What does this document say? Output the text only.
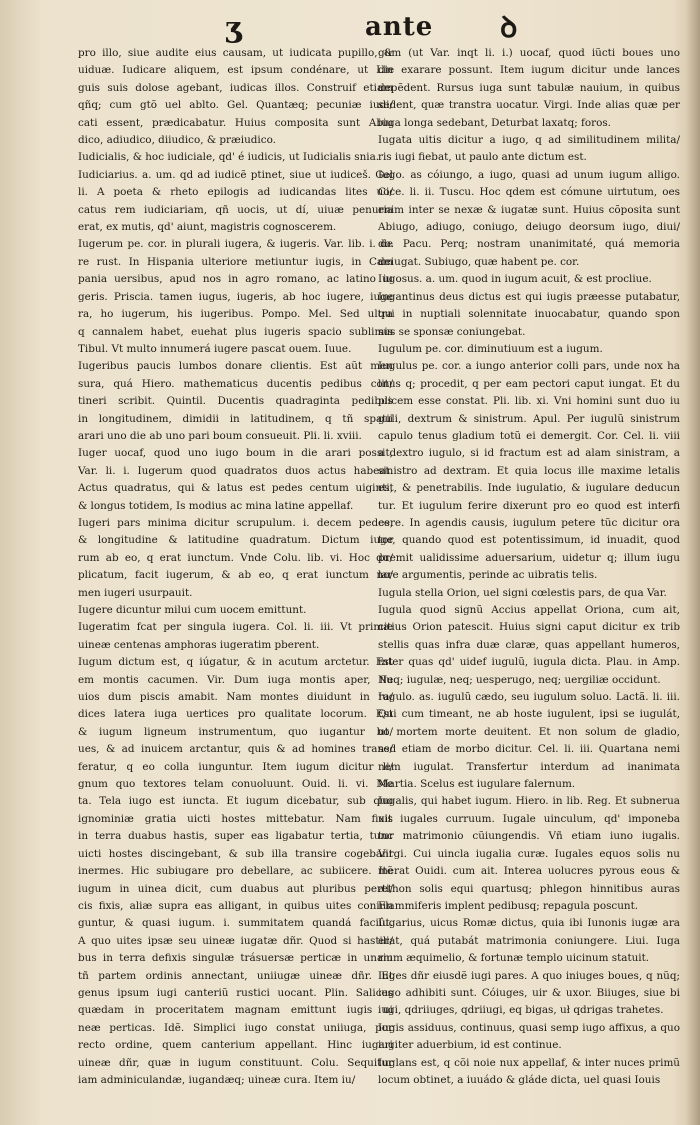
ʒ	ante ꝺ
pro illo, siue audite eius causam, ut iudicata pupillo, &
uiduæ. Iudicare aliquem, est ipsum condénare, ut Lin
guis suis dolose agebant, iudicas illos. Construif etiam
qñq; cum gtõ uel ablto. Gel. Quantæq; pecuniæ iudi/
cati essent, prædicabatur. Huius composita sunt Abiu
dico, adiudico, diiudico, & præiudico.
Iudicialis, & hoc iudiciale, qd' é iudicis, ut Iudicialis snia.
Iudiciarius. a. um. qd ad iudicẽ ptinet, siue ut iudiceš. Gel
li. A poeta & rheto epilogis ad iudicandas lites uo/
catus rem iudiciariam, qñ uocis, ut dí, uiuæ penuria
erat, ex mutis, qd' aiunt, magistris cognoscerem.
Iugerum pe. cor. in plurali iugera, & iugeris. Var. lib. i. de
re rust. In Hispania ulteriore metiuntur iugis, in Cam
pania uersibus, apud nos in agro romano, ac latino iu
geris. Priscia. tamen iugus, iugeris, ab hoc iugere, iuge
ra, ho iugerum, his iugeribus. Pompo. Mel. Sed ultra
q cannalem habet, euehat plus iugeris spacio sublimis
Tibul. Vt multo innumerá iugere pascat ouem. Iuue.
Iugeribus paucis lumbos donare clientis. Est aũt men
sura, quá Hiero. mathematicus ducentis pedibus con/
tineri scribit. Quintil. Ducentis quadraginta pedibus
in longitudinem, dimidii in latitudinem, q tñ spatii
arari uno die ab uno pari boum consueuit. Pli. li. xviii.
Iuger uocaf, quod uno iugo boum in die arari possit,
Var. li. i. Iugerum quod quadratos duos actus habeat.
Actus quadratus, qui & latus est pedes centum uiginti,
& longus totidem, Is modius ac mina latine appellaf.
Iugeri pars minima dicitur scrupulum. i. decem pedes,
& longitudine & latitudine quadratum. Dictum iuge
rum ab eo, q erat iunctum. Vnde Colu. lib. vi. Hoc du/
plicatum, facit iugerum, & ab eo, q erat iunctum no/
men iugeri usurpauit.
Iugere dicuntur milui cum uocem emittunt.
Iugeratim fcat per singula iugera. Col. li. iii. Vt primæ
uineæ centenas amphoras iugeratim pberent.
Iugum dictum est, q iúgatur, & in acutum arctetur. Est
em montis cacumen. Vir. Dum iuga montis aper, flu
uios dum piscis amabit. Nam montes diuidunt in ra/
dices latera iuga uertices pro qualitate locorum. Est
& iugum ligneum instrumentum, quo iugantur bo/
ues, & ad inuicem arctantur, quis & ad homines trans/
feratur, q eo colla iunguntur. Item iugum dicitur li/
gnum quo textores telam conuoluunt. Ouid. li. vi. Me
ta. Tela iugo est iuncta. Et iugum dicebatur, sub quo
ignominiæ gratia uicti hostes mittebatur. Nam fixis
in terra duabus hastis, super eas ligabatur tertia, tunc
uicti hostes discingebant, & sub illa transire cogebant
inermes. Hic subiugare pro debellare, ac subiicere. Itẽ
iugum in uinea dicit, cum duabus aut pluribus perti/
cis fixis, aliæ supra eas alligant, in quibus uites coniun
guntur, & quasi iugum. i. summitatem quandá faciût.
A quo uites ipsæ seu uineæ iugatæ dñr. Quod si hastili/
bus in terra defixis singulæ trásuersæ perticæ in unam
tñ partem ordinis annectant, uniiugæ uineæ dñr. Et
genus ipsum iugi canteriũ rustici uocant. Plin. Salices
quædam in proceritatem magnam emittunt iugis ui
neæ perticas. Idẽ. Simplici iugo constat uniiuga, por
recto ordine, quem canterium appellant. Hinc iugari
uineæ dñr, quæ in iugum constituunt. Colu. Sequitur
iam adminiculandæ, iugandæq; uineæ cura. Item iu/
gum (ut Var. inqt li. i.) uocaf, quod iũcti boues uno
die exarare possunt. Item iugum dicitur unde lances
depẽdent. Rursus iuga sunt tabulæ nauium, in quibus
sedent, quæ transtra uocatur. Virgi. Inde alias quæ per
iuga longa sedebant, Deturbat laxatq; foros.
Iugata uitis dicitur a iugo, q ad similitudinem milita/
ris iugi fiebat, ut paulo ante dictum est.
Iugo. as cóiungo, a iugo, quasi ad unum iugum alligo.
Cice. li. ii. Tuscu. Hoc qdem est cómune uirtutum, oes
enim inter se nexæ & iugatæ sunt. Huius cõposita sunt
Abiugo, adiugo, coniugo, deiugo deorsum iugo, diui/
do. Pacu. Perq; nostram unanimitaté, quá memoria
deiugat. Subiugo, quæ habent pe. cor.
Iugosus. a. um. quod in iugum acuit, & est procliue.
Iugantinus deus dictus est qui iugis præesse putabatur,
qui in nuptiali solennitate inuocabatur, quando spon
sus se sponsæ coniungebat.
Iugulum pe. cor. diminutiuum est a iugum.
Iugulus pe. cor. a iungo anterior colli pars, unde nox ha
litus q; procedit, q per eam pectori caput iungat. Et du
plicem esse constat. Pli. lib. xi. Vni homini sunt duo iu
guli, dextrum & sinistrum. Apul. Per iugulũ sinistrum
capulo tenus gladium totũ ei demergit. Cor. Cel. li. viii
a dextro iugulo, si id fractum est ad alam sinistram, a
sinistro ad dextram. Et quia locus ille maxime letalis
est, & penetrabilis. Inde iugulatio, & iugulare deducun
tur. Et iugulum ferire dixerunt pro eo quod est interfi
cere. In agendis causis, iugulum petere tũc dicitur ora
tor, quando quod est potentissimum, id inuadit, quod
premit ualidissime aduersarium, uidetur q; illum iugu
lare argumentis, perinde ac uibratis telis.
Iugula stella Orion, uel signi cœlestis pars, de qua Var.
Iugula quod signũ Accius appellat Oriona, cum ait,
citius Orion patescit. Huius signi caput dicitur ex trib
stellis quas infra duæ claræ, quas appellant humeros,
inter quas qd' uidef iugulũ, iugula dicta. Plau. in Amp.
Neq; iugulæ, neq; uesperugo, neq; uergiliæ occidunt.
Iugulo. as. iugulũ cædo, seu iugulum soluo. Lactã. li. iii.
Qui cum timeant, ne ab hoste iugulent, ipsi se iugulát,
ut mortem morte deuitent. Et non solum de gladio,
sed etiam de morbo dicitur. Cel. li. iii. Quartana nemi
nem iugulat. Transfertur interdum ad inanimata
Martia. Scelus est iugulare falernum.
Iugalis, qui habet iugum. Hiero. in lib. Reg. Et subnerua
uit iugales curruum. Iugale uinculum, qd' imponeba
tur matrimonio cũiungendis. Vñ etiam iuno iugalis.
Virgi. Cui uincla iugalia curæ. Iugales equos solis nu
merat Ouidi. cum ait. Interea uolucres pyrous eous &
æthon solis equi quartusq; phlegon hinnitibus auras
Flammiferis implent pedibusq; repagula poscunt.
Iugarius, uicus Romæ dictus, quia ibi Iunonis iugæ ara
erat, quá putabát matrimonia coniungere. Liui. Iuga
rium æquimelio, & fortunæ templo uicinum statuit.
Iuges dñr eiusdẽ iugi pares. A quo iniuges boues, q nũq;
iugo adhibiti sunt. Cóiuges, uir & uxor. Biiuges, siue bi
iugi, qdriiuges, qdriiugi, eq bigas, uł qdrigas trahetes.
Iugis assiduus, continuus, quasi semp iugo affixus, a quo
iugiter aduerbium, id est continue.
Iuglans est, q cõi noie nux appellaf, & inter nuces primũ
locum obtinet, a iuuádo & gláde dicta, uel quasi Iouis
